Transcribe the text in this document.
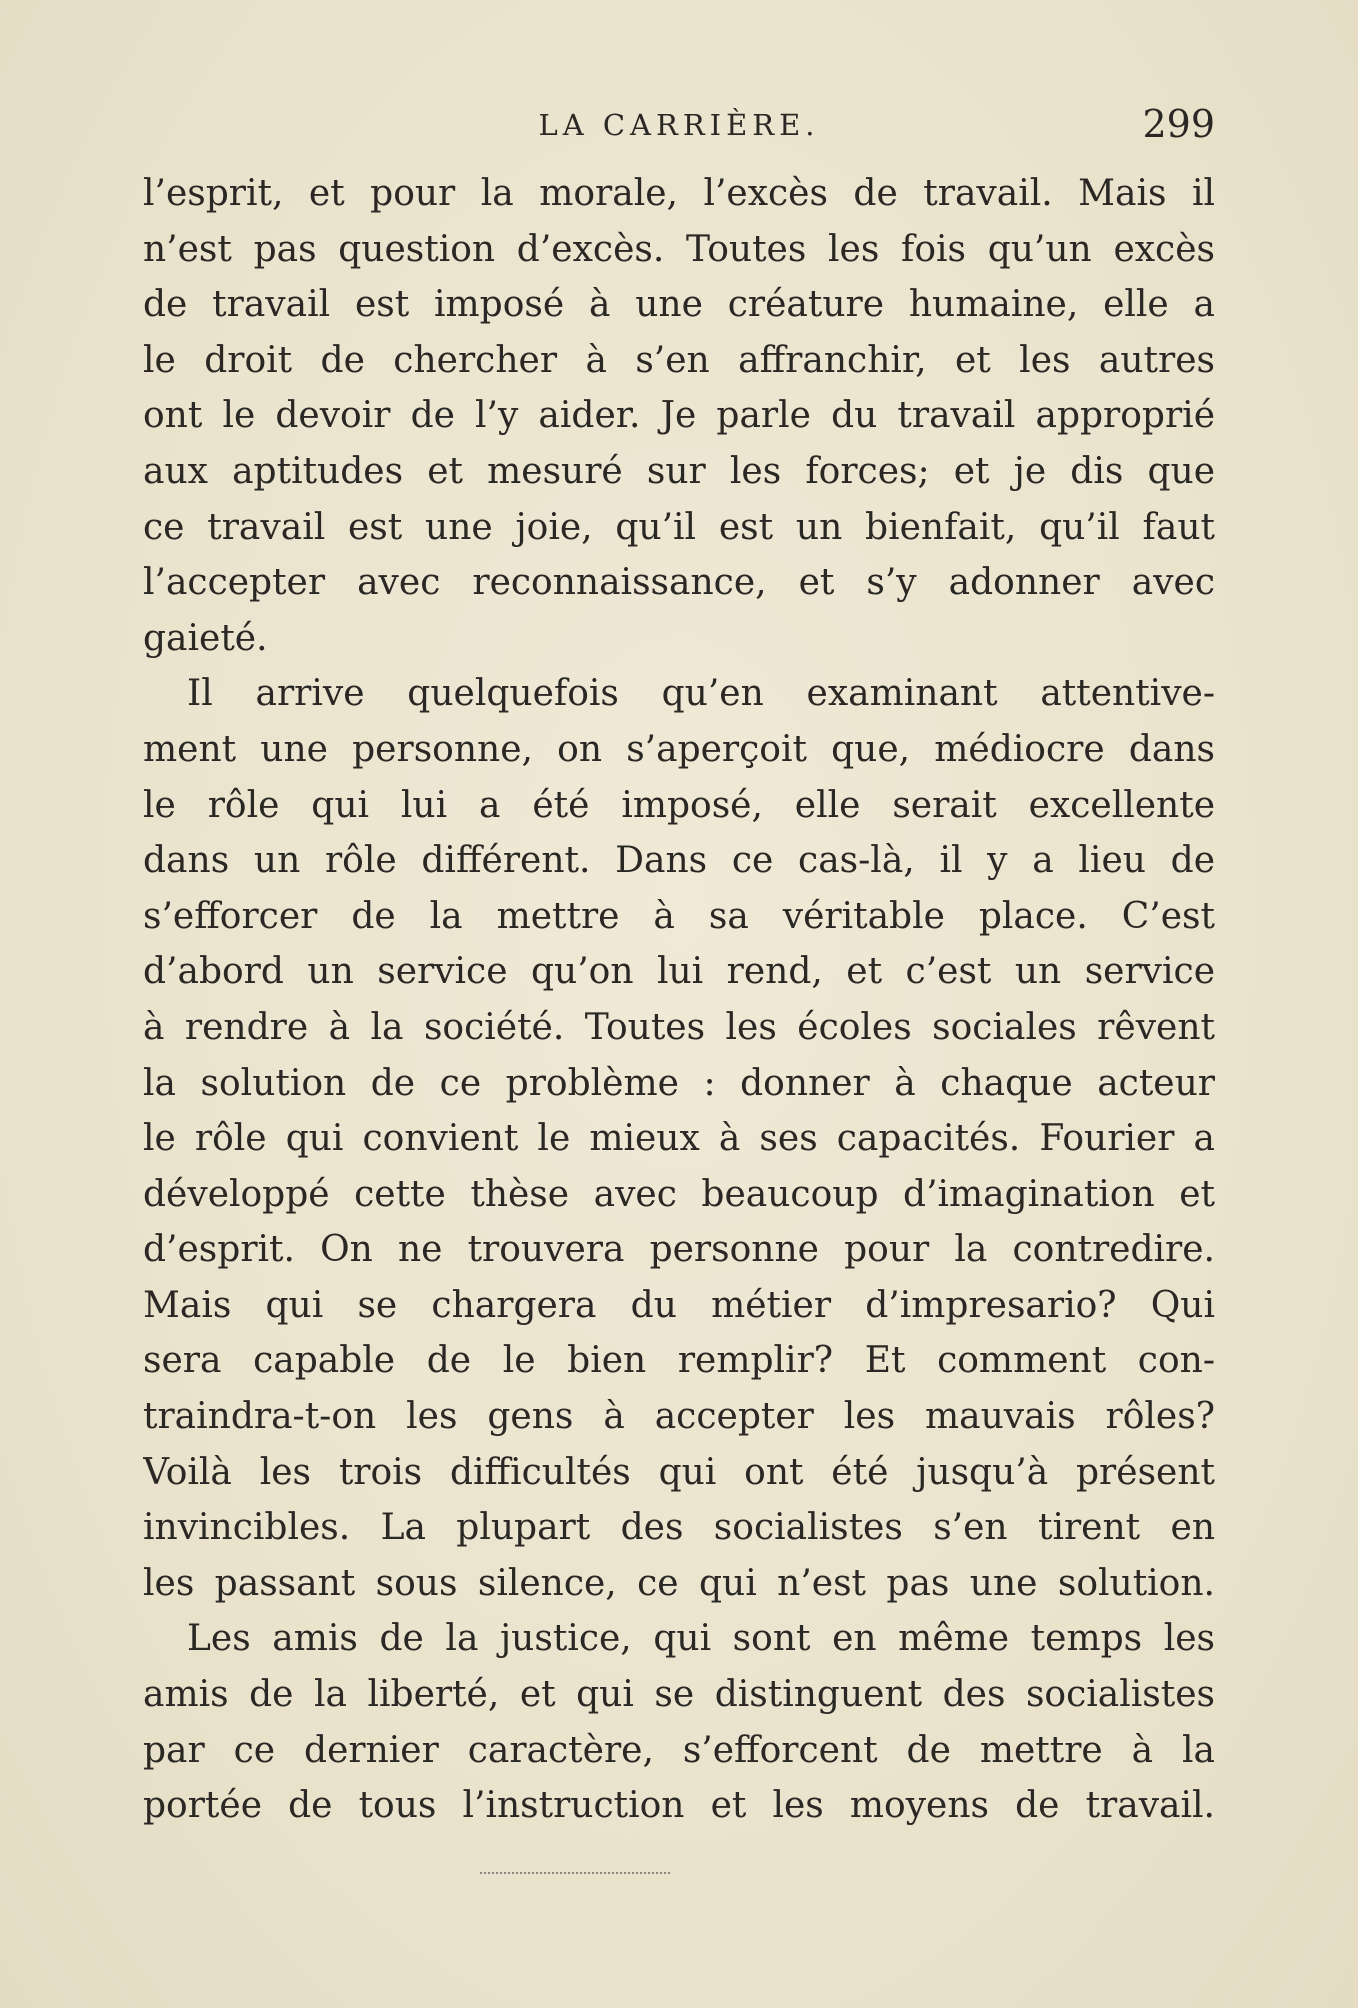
LA CARRIÈRE.	299
l’esprit, et pour la morale, l’excès de travail. Mais il
n’est pas question d’excès. Toutes les fois qu’un excès
de travail est imposé à une créature humaine, elle a
le droit de chercher à s’en affranchir, et les autres
ont le devoir de l’y aider. Je parle du travail approprié
aux aptitudes et mesuré sur les forces; et je dis que
ce travail est une joie, qu’il est un bienfait, qu’il faut
l’accepter avec reconnaissance, et s’y adonner avec
gaieté.
Il arrive quelquefois qu’en examinant attentive-
ment une personne, on s’aperçoit que, médiocre dans
le rôle qui lui a été imposé, elle serait excellente
dans un rôle différent. Dans ce cas-là, il y a lieu de
s’efforcer de la mettre à sa véritable place. C’est
d’abord un service qu’on lui rend, et c’est un service
à rendre à la société. Toutes les écoles sociales rêvent
la solution de ce problème : donner à chaque acteur
le rôle qui convient le mieux à ses capacités. Fourier a
développé cette thèse avec beaucoup d’imagination et
d’esprit. On ne trouvera personne pour la contredire.
Mais qui se chargera du métier d’impresario? Qui
sera capable de le bien remplir? Et comment con-
traindra-t-on les gens à accepter les mauvais rôles?
Voilà les trois difficultés qui ont été jusqu’à présent
invincibles. La plupart des socialistes s’en tirent en
les passant sous silence, ce qui n’est pas une solution.
Les amis de la justice, qui sont en même temps les
amis de la liberté, et qui se distinguent des socialistes
par ce dernier caractère, s’efforcent de mettre à la
portée de tous l’instruction et les moyens de travail.
